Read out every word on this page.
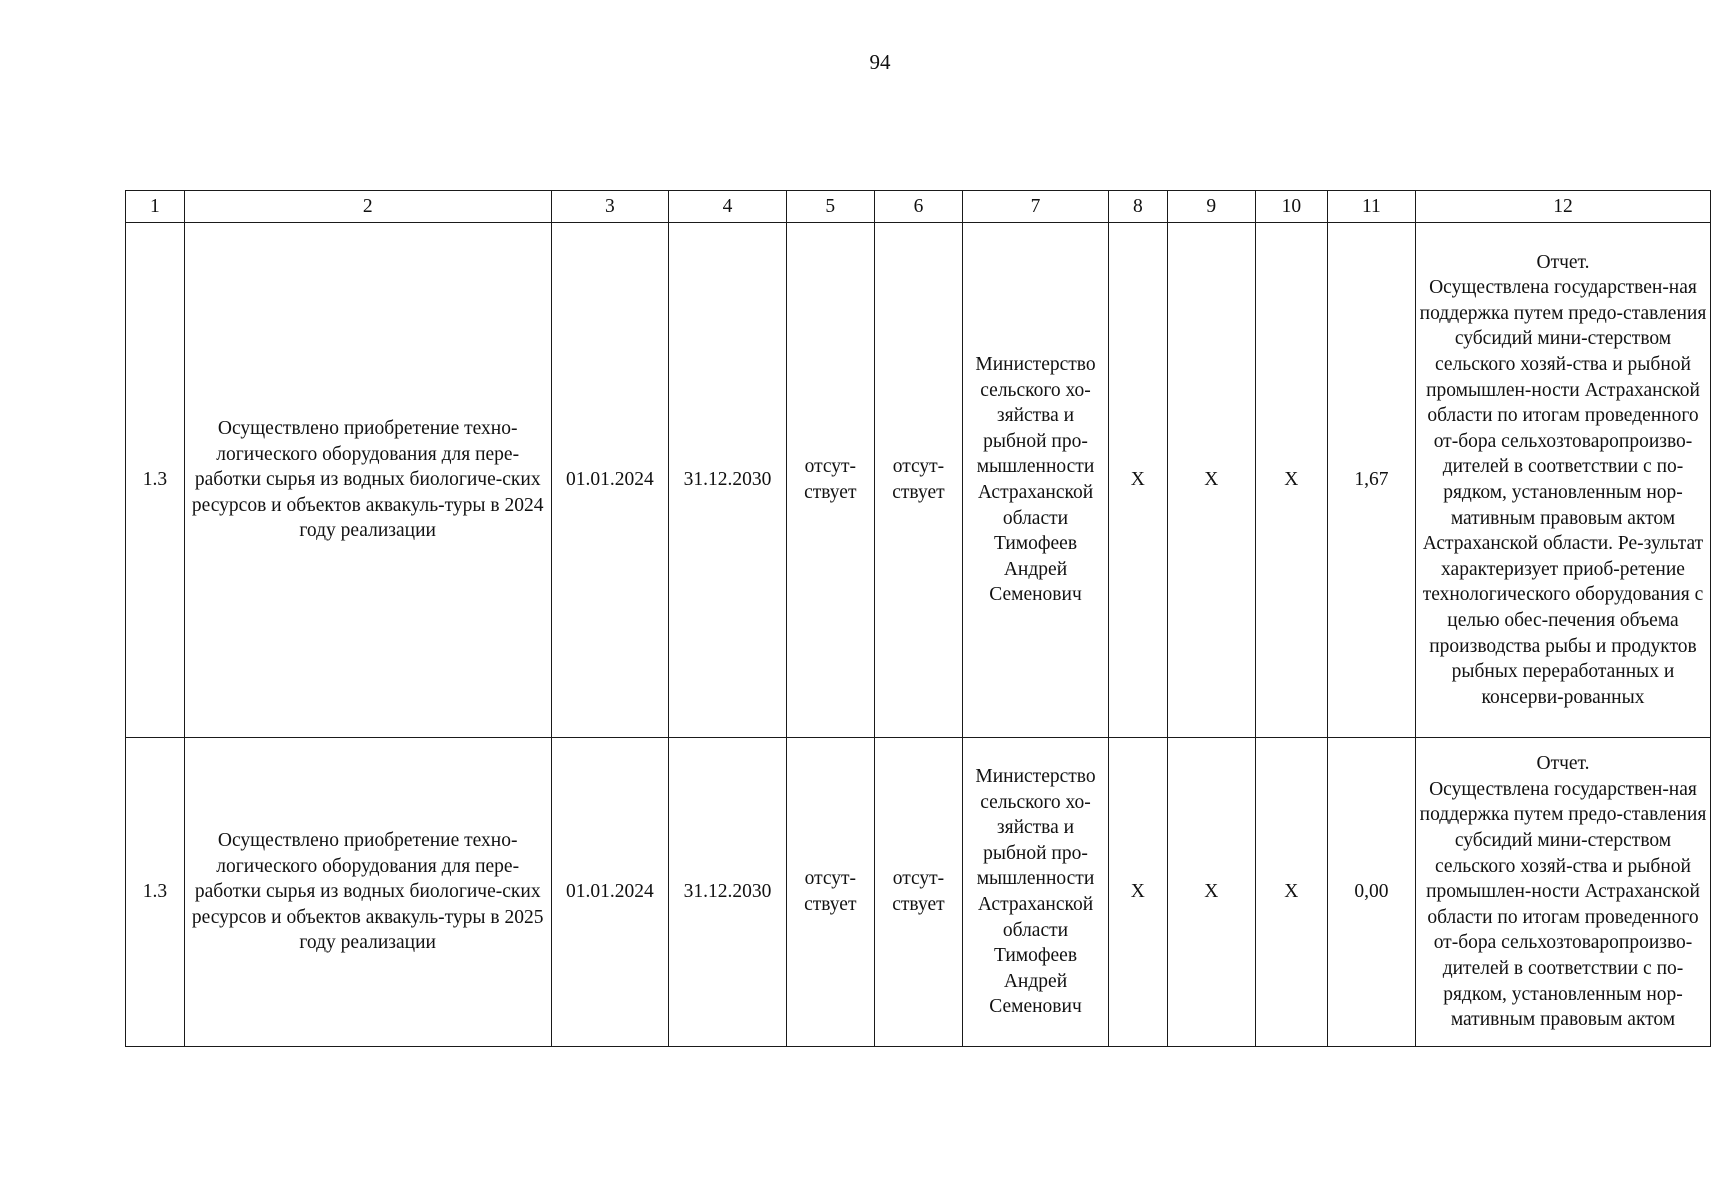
94
1	2	3	4	5	6	7	8	9	10	11	12
1.3	Осуществлено приобретение техно-логического оборудования для пере-работки сырья из водных биологиче-ских ресурсов и объектов аквакуль-туры в 2024 году реализации	01.01.2024	31.12.2030	отсут-ствует	отсут-ствует	Министерство сельского хо-зяйства и рыбной про-мышленности Астраханской области Тимофеев Андрей Семенович	X	X	X	1,67	Отчет.
Осуществлена государствен-ная поддержка путем предо-ставления субсидий мини-стерством сельского хозяй-ства и рыбной промышлен-ности Астраханской области по итогам проведенного от-бора сельхозтоваропроизво-дителей в соответствии с по-рядком, установленным нор-мативным правовым актом Астраханской области. Ре-зультат характеризует приоб-ретение технологического оборудования с целью обес-печения объема производства рыбы и продуктов рыбных переработанных и консерви-рованных
1.3	Осуществлено приобретение техно-логического оборудования для пере-работки сырья из водных биологиче-ских ресурсов и объектов аквакуль-туры в 2025 году реализации	01.01.2024	31.12.2030	отсут-ствует	отсут-ствует	Министерство сельского хо-зяйства и рыбной про-мышленности Астраханской области Тимофеев Андрей Семенович	X	X	X	0,00	Отчет.
Осуществлена государствен-ная поддержка путем предо-ставления субсидий мини-стерством сельского хозяй-ства и рыбной промышлен-ности Астраханской области по итогам проведенного от-бора сельхозтоваропроизво-дителей в соответствии с по-рядком, установленным нор-мативным правовым актом
